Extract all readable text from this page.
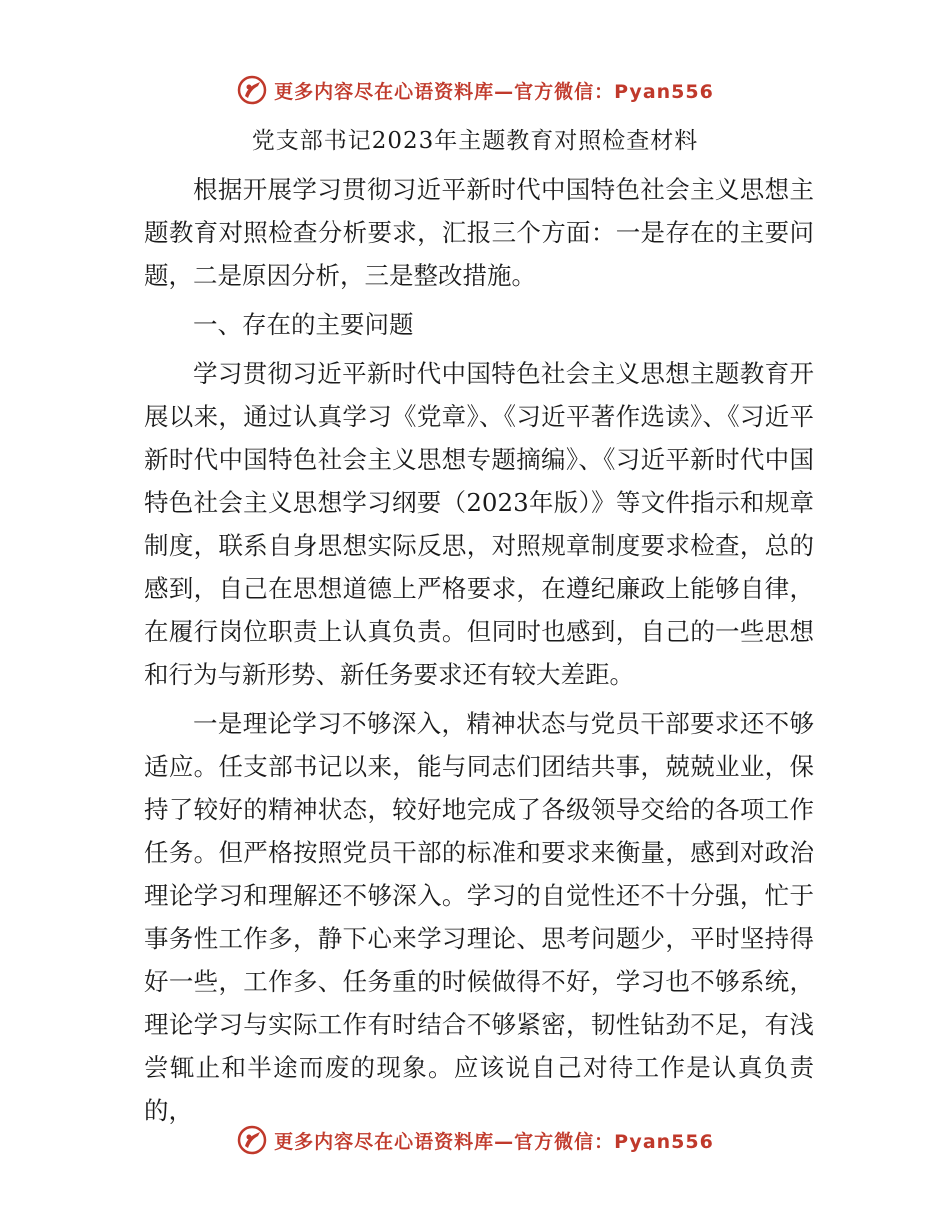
更多内容尽在心语资料库—官方微信：Pyan556
党支部书记2023年主题教育对照检查材料

根据开展学习贯彻习近平新时代中国特色社会主义思想主题教育对照检查分析要求，汇报三个方面：一是存在的主要问题，二是原因分析，三是整改措施。

一、存在的主要问题

学习贯彻习近平新时代中国特色社会主义思想主题教育开展以来，通过认真学习《党章》、《习近平著作选读》、《习近平新时代中国特色社会主义思想专题摘编》、《习近平新时代中国特色社会主义思想学习纲要（2023年版）》等文件指示和规章制度，联系自身思想实际反思，对照规章制度要求检查，总的感到，自己在思想道德上严格要求，在遵纪廉政上能够自律，在履行岗位职责上认真负责。但同时也感到，自己的一些思想和行为与新形势、新任务要求还有较大差距。

一是理论学习不够深入，精神状态与党员干部要求还不够适应。任支部书记以来，能与同志们团结共事，兢兢业业，保持了较好的精神状态，较好地完成了各级领导交给的各项工作任务。但严格按照党员干部的标准和要求来衡量，感到对政治理论学习和理解还不够深入。学习的自觉性还不十分强，忙于事务性工作多，静下心来学习理论、思考问题少，平时坚持得好一些，工作多、任务重的时候做得不好，学习也不够系统，理论学习与实际工作有时结合不够紧密，韧性钻劲不足，有浅尝辄止和半途而废的现象。应该说自己对待工作是认真负责的，

更多内容尽在心语资料库—官方微信：Pyan556
